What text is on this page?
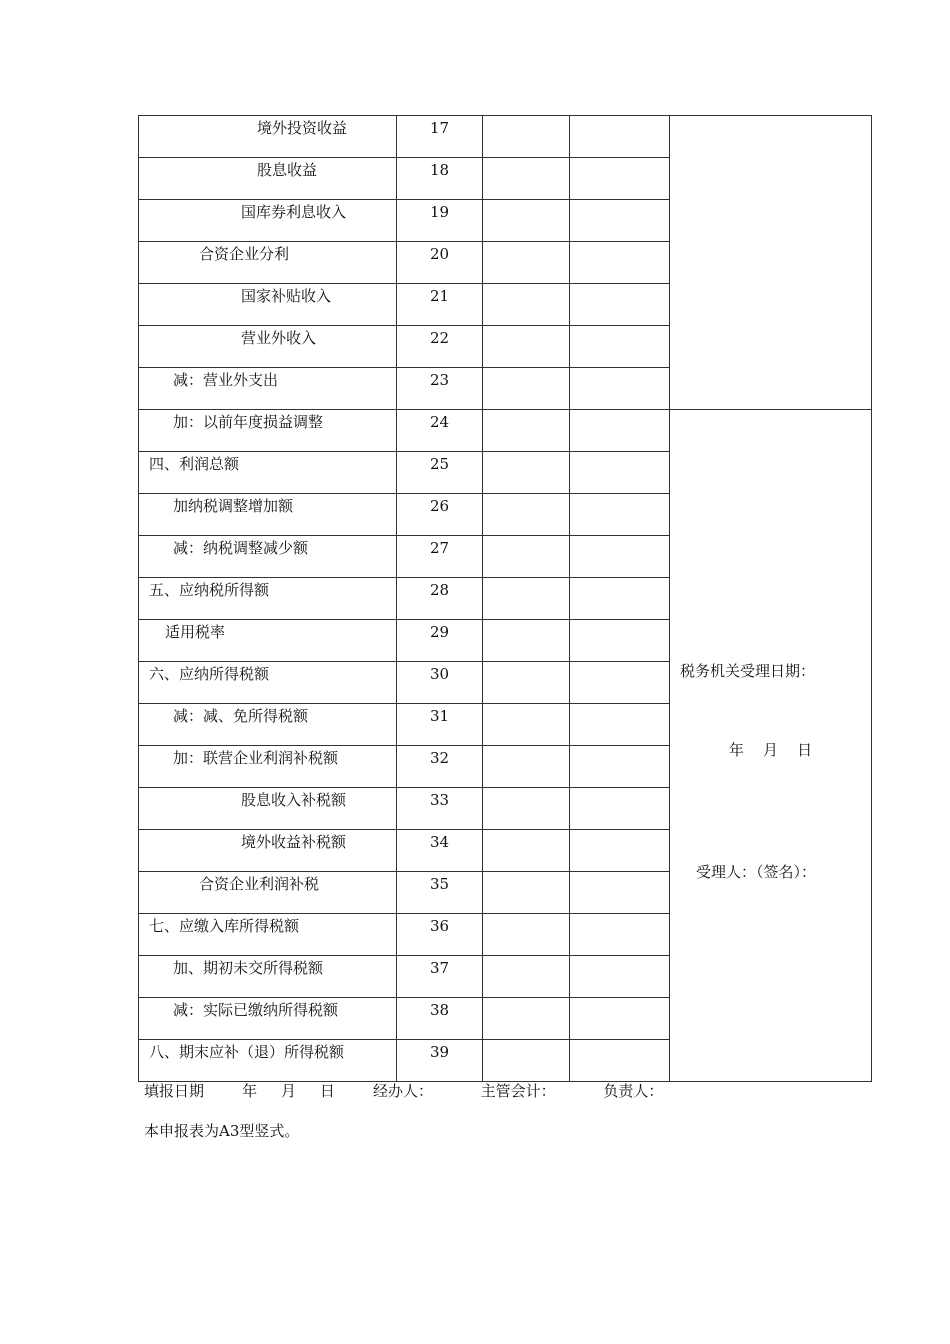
境外投资收益	17			

股息收益	18			

国库券利息收入	19			

合资企业分利	20			

国家补贴收入	21			

营业外收入	22			

减：营业外支出	23			

加：以前年度损益调整	24			税务机关受理日期：
年    月    日
受理人：（签名）：

四、利润总额	25			

加纳税调整增加额	26			

减：纳税调整减少额	27			

五、应纳税所得额	28			

适用税率	29			

六、应纳所得税额	30			

减：减、免所得税额	31			

加：联营企业利润补税额	32			

股息收入补税额	33			

境外收益补税额	34			

合资企业利润补税	35			

七、应缴入库所得税额	36			

加、期初未交所得税额	37			

减：实际已缴纳所得税额	38			

八、期末应补（退）所得税额	39			

填报日期        年     月     日        经办人：          主管会计：          负责人：
本申报表为A3型竖式。
